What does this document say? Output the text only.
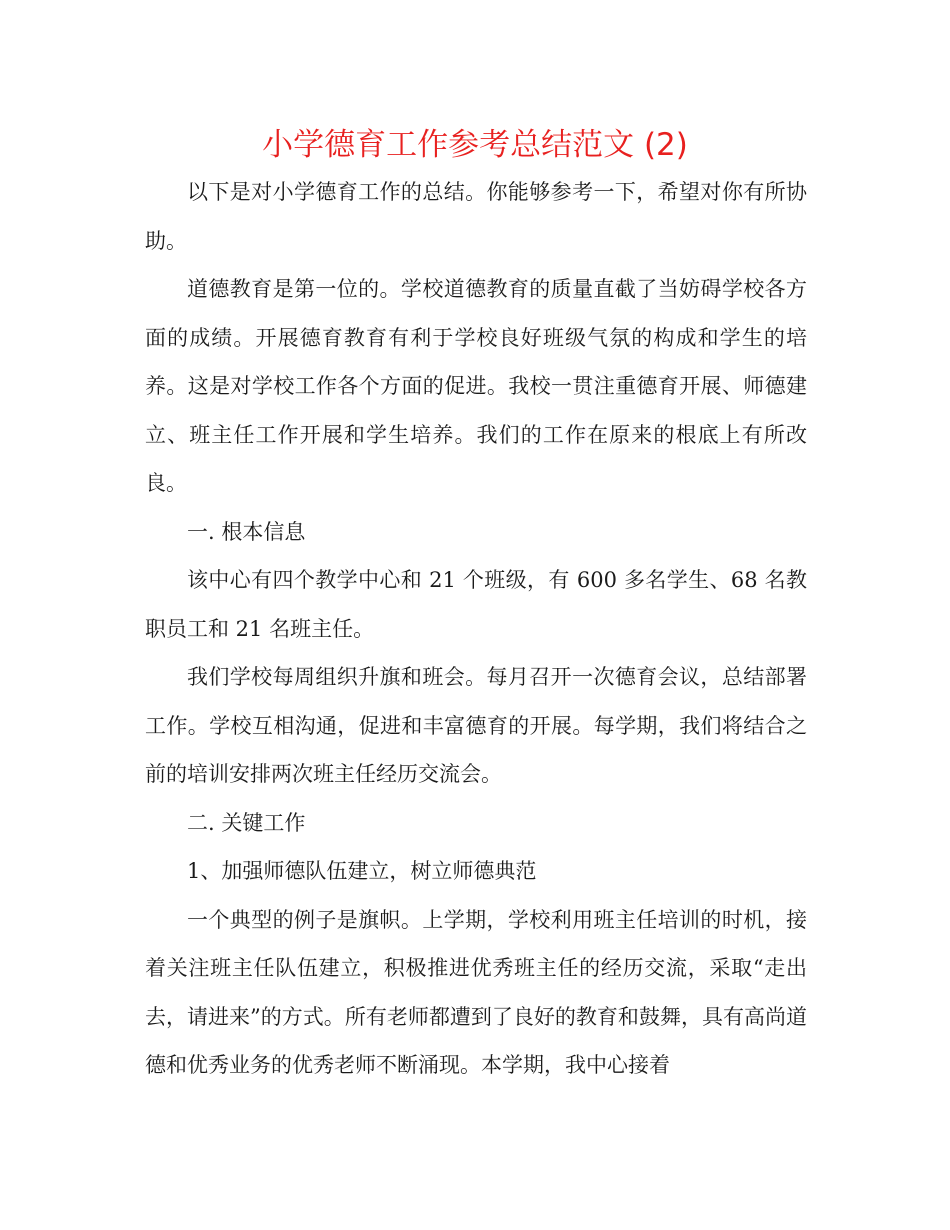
小学德育工作参考总结范文 (2)

以下是对小学德育工作的总结。你能够参考一下，希望对你有所协助。

道德教育是第一位的。学校道德教育的质量直截了当妨碍学校各方面的成绩。开展德育教育有利于学校良好班级气氛的构成和学生的培养。这是对学校工作各个方面的促进。我校一贯注重德育开展、师德建立、班主任工作开展和学生培养。我们的工作在原来的根底上有所改良。

一. 根本信息

该中心有四个教学中心和 21 个班级，有 600 多名学生、68 名教职员工和 21 名班主任。

我们学校每周组织升旗和班会。每月召开一次德育会议，总结部署工作。学校互相沟通，促进和丰富德育的开展。每学期，我们将结合之前的培训安排两次班主任经历交流会。

二. 关键工作

1、加强师德队伍建立，树立师德典范

一个典型的例子是旗帜。上学期，学校利用班主任培训的时机，接着关注班主任队伍建立，积极推进优秀班主任的经历交流，采取“走出去，请进来”的方式。所有老师都遭到了良好的教育和鼓舞，具有高尚道德和优秀业务的优秀老师不断涌现。本学期，我中心接着
